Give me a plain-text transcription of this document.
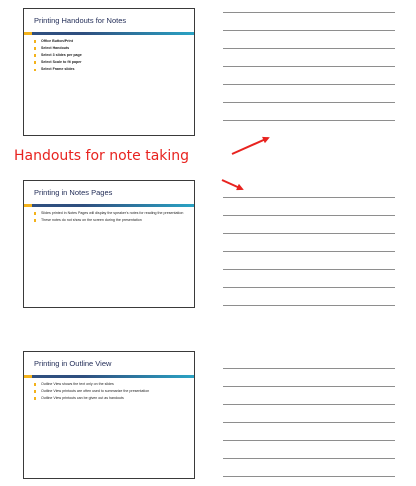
Printing Handouts for Notes
Office Button/Print
Select Handouts
Select 3 slides per page
Select Scale to fit paper
Select Frame slides
Printing in Notes Pages
Slides printed in Notes Pages will display the speaker's notes for reading the presentation
These notes do not show on the screen during the presentation
Printing in Outline View
Outline View shows the text only on the slides
Outline View printouts are often used to summarize the presentation
Outline View printouts can be given out as handouts
Handouts for note taking
